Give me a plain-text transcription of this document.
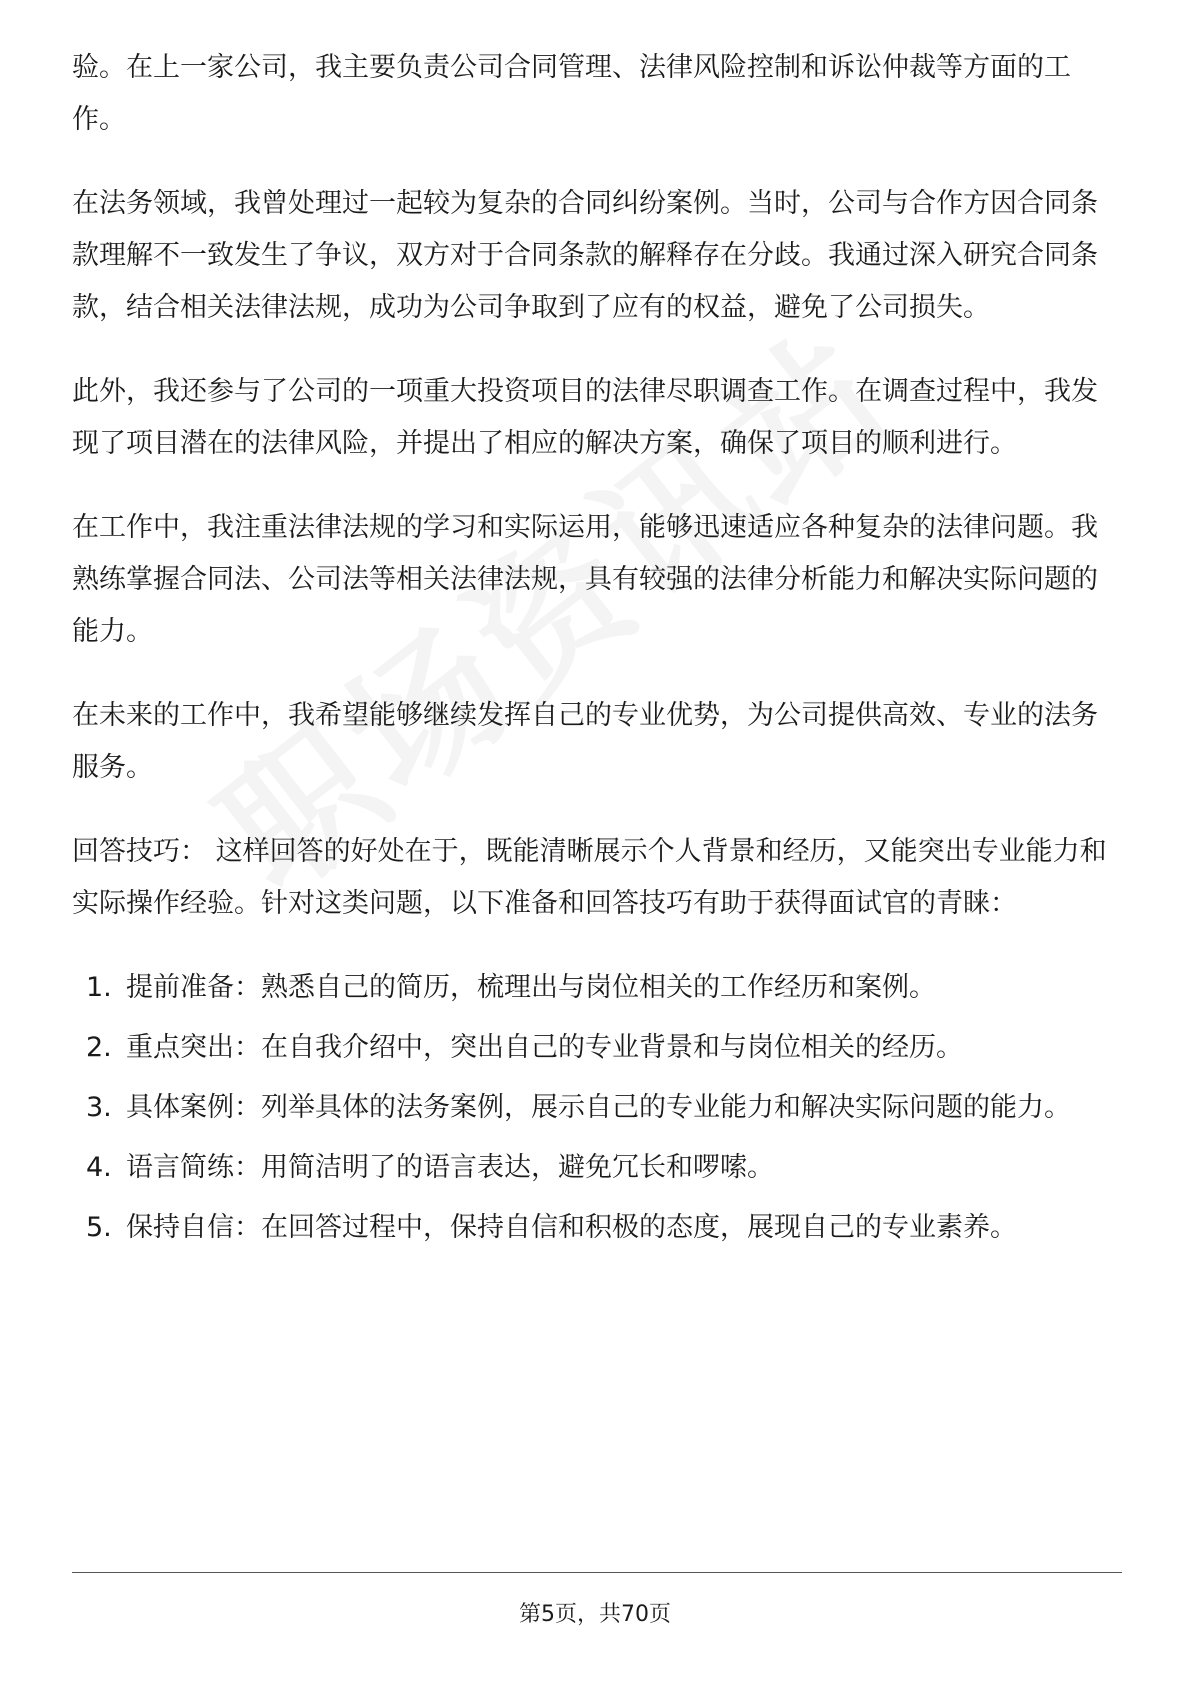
验。在上一家公司，我主要负责公司合同管理、法律风险控制和诉讼仲裁等方面的工作。

在法务领域，我曾处理过一起较为复杂的合同纠纷案例。当时，公司与合作方因合同条款理解不一致发生了争议，双方对于合同条款的解释存在分歧。我通过深入研究合同条款，结合相关法律法规，成功为公司争取到了应有的权益，避免了公司损失。

此外，我还参与了公司的一项重大投资项目的法律尽职调查工作。在调查过程中，我发现了项目潜在的法律风险，并提出了相应的解决方案，确保了项目的顺利进行。

在工作中，我注重法律法规的学习和实际运用，能够迅速适应各种复杂的法律问题。我熟练掌握合同法、公司法等相关法律法规，具有较强的法律分析能力和解决实际问题的能力。

在未来的工作中，我希望能够继续发挥自己的专业优势，为公司提供高效、专业的法务服务。

回答技巧： 这样回答的好处在于，既能清晰展示个人背景和经历，又能突出专业能力和实际操作经验。针对这类问题，以下准备和回答技巧有助于获得面试官的青睐：

1. 提前准备：熟悉自己的简历，梳理出与岗位相关的工作经历和案例。
2. 重点突出：在自我介绍中，突出自己的专业背景和与岗位相关的经历。
3. 具体案例：列举具体的法务案例，展示自己的专业能力和解决实际问题的能力。
4. 语言简练：用简洁明了的语言表达，避免冗长和啰嗦。
5. 保持自信：在回答过程中，保持自信和积极的态度，展现自己的专业素养。
第5页，共70页
